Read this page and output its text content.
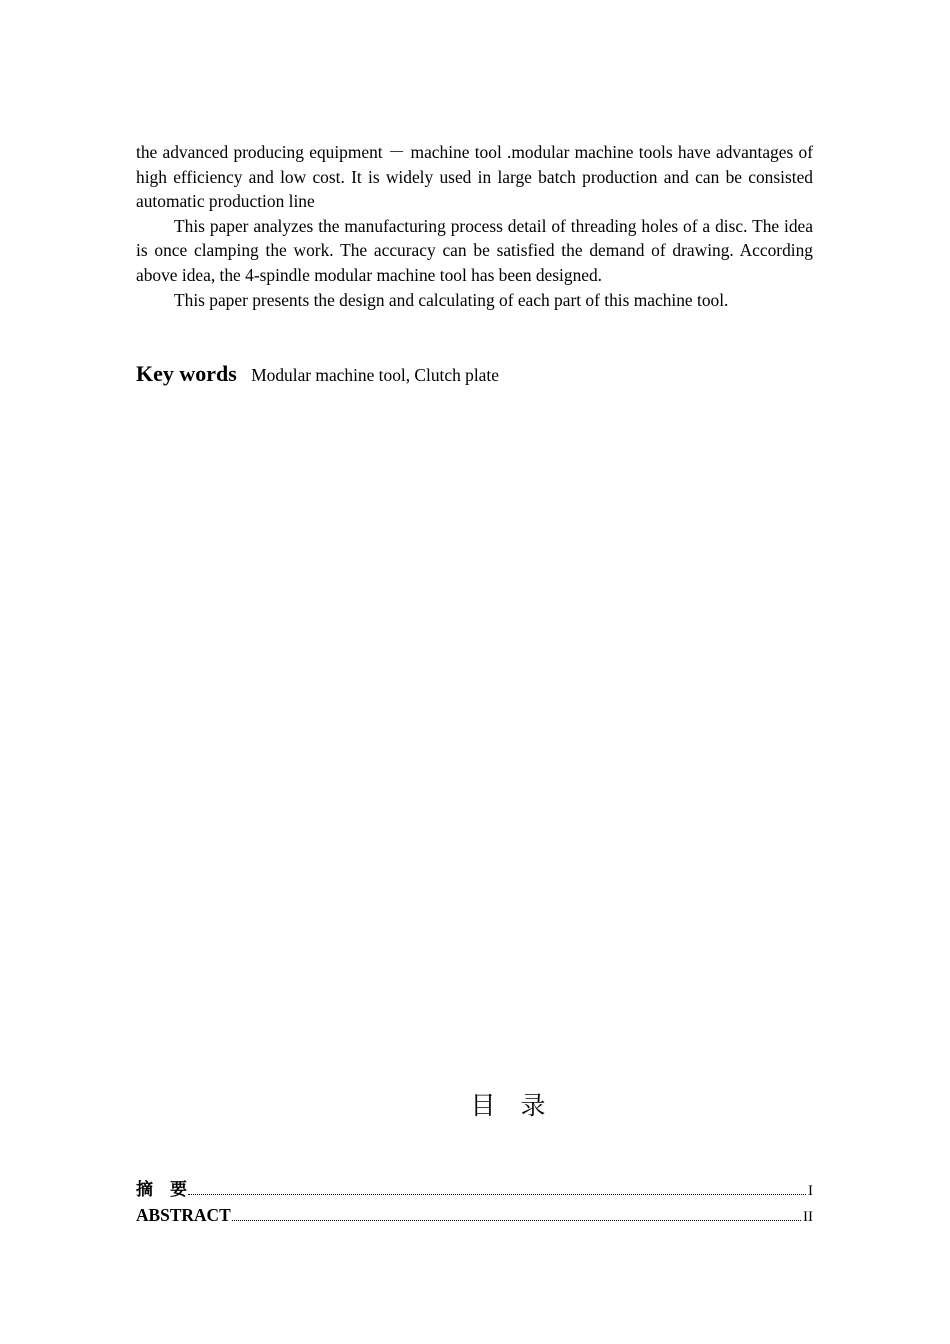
the advanced producing equipment － machine tool .modular machine tools have advantages of high efficiency and low cost. It is widely used in large batch production and can be consisted automatic production line

This paper analyzes the manufacturing process detail of threading holes of a disc. The idea is once clamping the work. The accuracy can be satisfied the demand of drawing. According above idea, the 4-spindle modular machine tool has been designed.

This paper presents the design and calculating of each part of this machine tool.

Key words Modular machine tool, Clutch plate
目　录
摘　要	I
ABSTRACT	II
